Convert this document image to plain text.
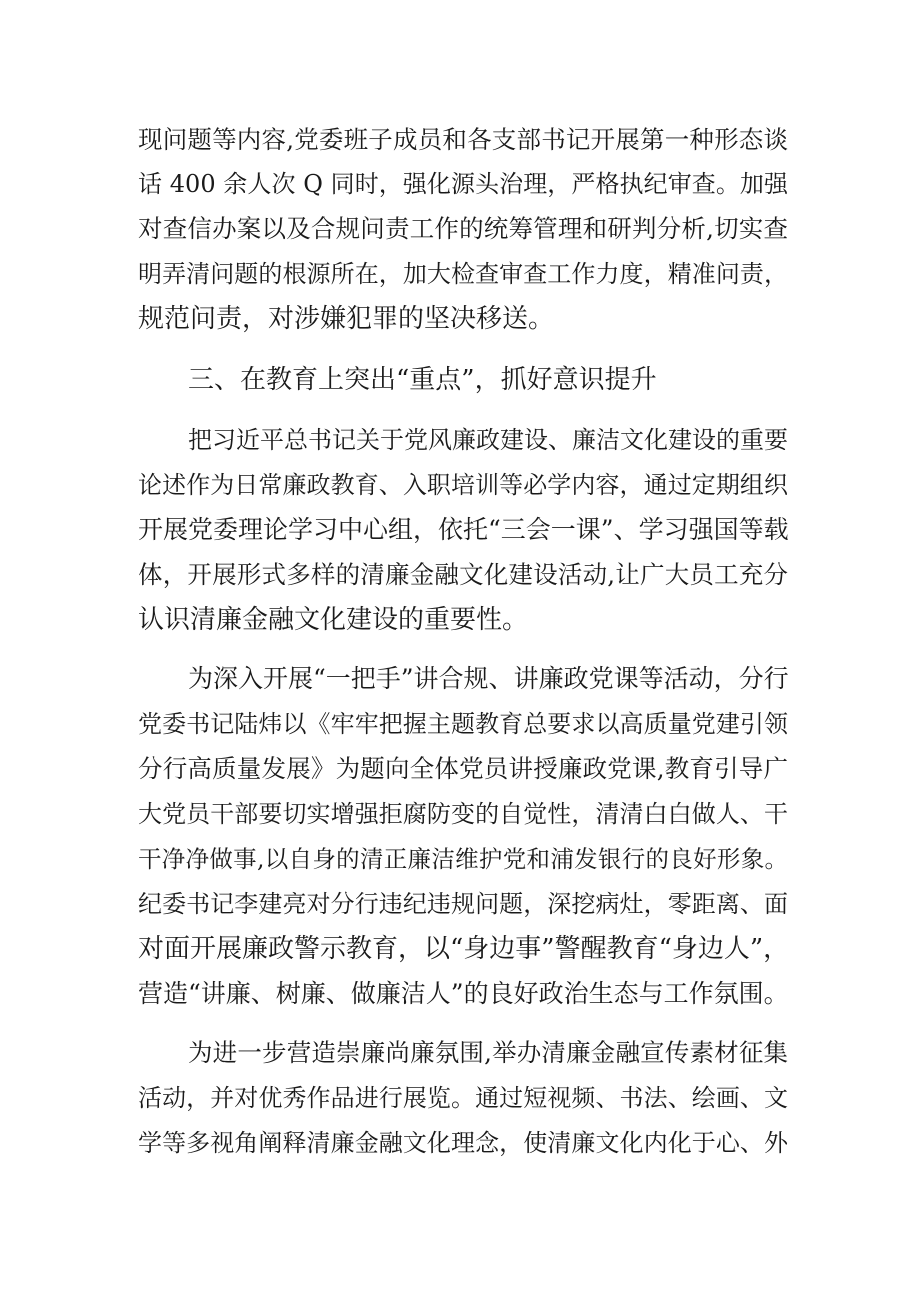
现问题等内容,党委班子成员和各支部书记开展第一种形态谈
话 400 余人次 Q 同时，强化源头治理，严格执纪审查。加强
对查信办案以及合规问责工作的统筹管理和研判分析,切实查
明弄清问题的根源所在，加大检查审查工作力度，精准问责，
规范问责，对涉嫌犯罪的坚决移送。
三、在教育上突出“重点”，抓好意识提升
把习近平总书记关于党风廉政建设、廉洁文化建设的重要
论述作为日常廉政教育、入职培训等必学内容，通过定期组织
开展党委理论学习中心组，依托“三会一课”、学习强国等载
体，开展形式多样的清廉金融文化建设活动,让广大员工充分
认识清廉金融文化建设的重要性。
为深入开展“一把手”讲合规、讲廉政党课等活动，分行
党委书记陆炜以《牢牢把握主题教育总要求以高质量党建引领
分行高质量发展》为题向全体党员讲授廉政党课,教育引导广
大党员干部要切实增强拒腐防变的自觉性，清清白白做人、干
干净净做事,以自身的清正廉洁维护党和浦发银行的良好形象。
纪委书记李建亮对分行违纪违规问题，深挖病灶，零距离、面
对面开展廉政警示教育，以“身边事”警醒教育“身边人”，
营造“讲廉、树廉、做廉洁人”的良好政治生态与工作氛围。
为进一步营造崇廉尚廉氛围,举办清廉金融宣传素材征集
活动，并对优秀作品进行展览。通过短视频、书法、绘画、文
学等多视角阐释清廉金融文化理念，使清廉文化内化于心、外
